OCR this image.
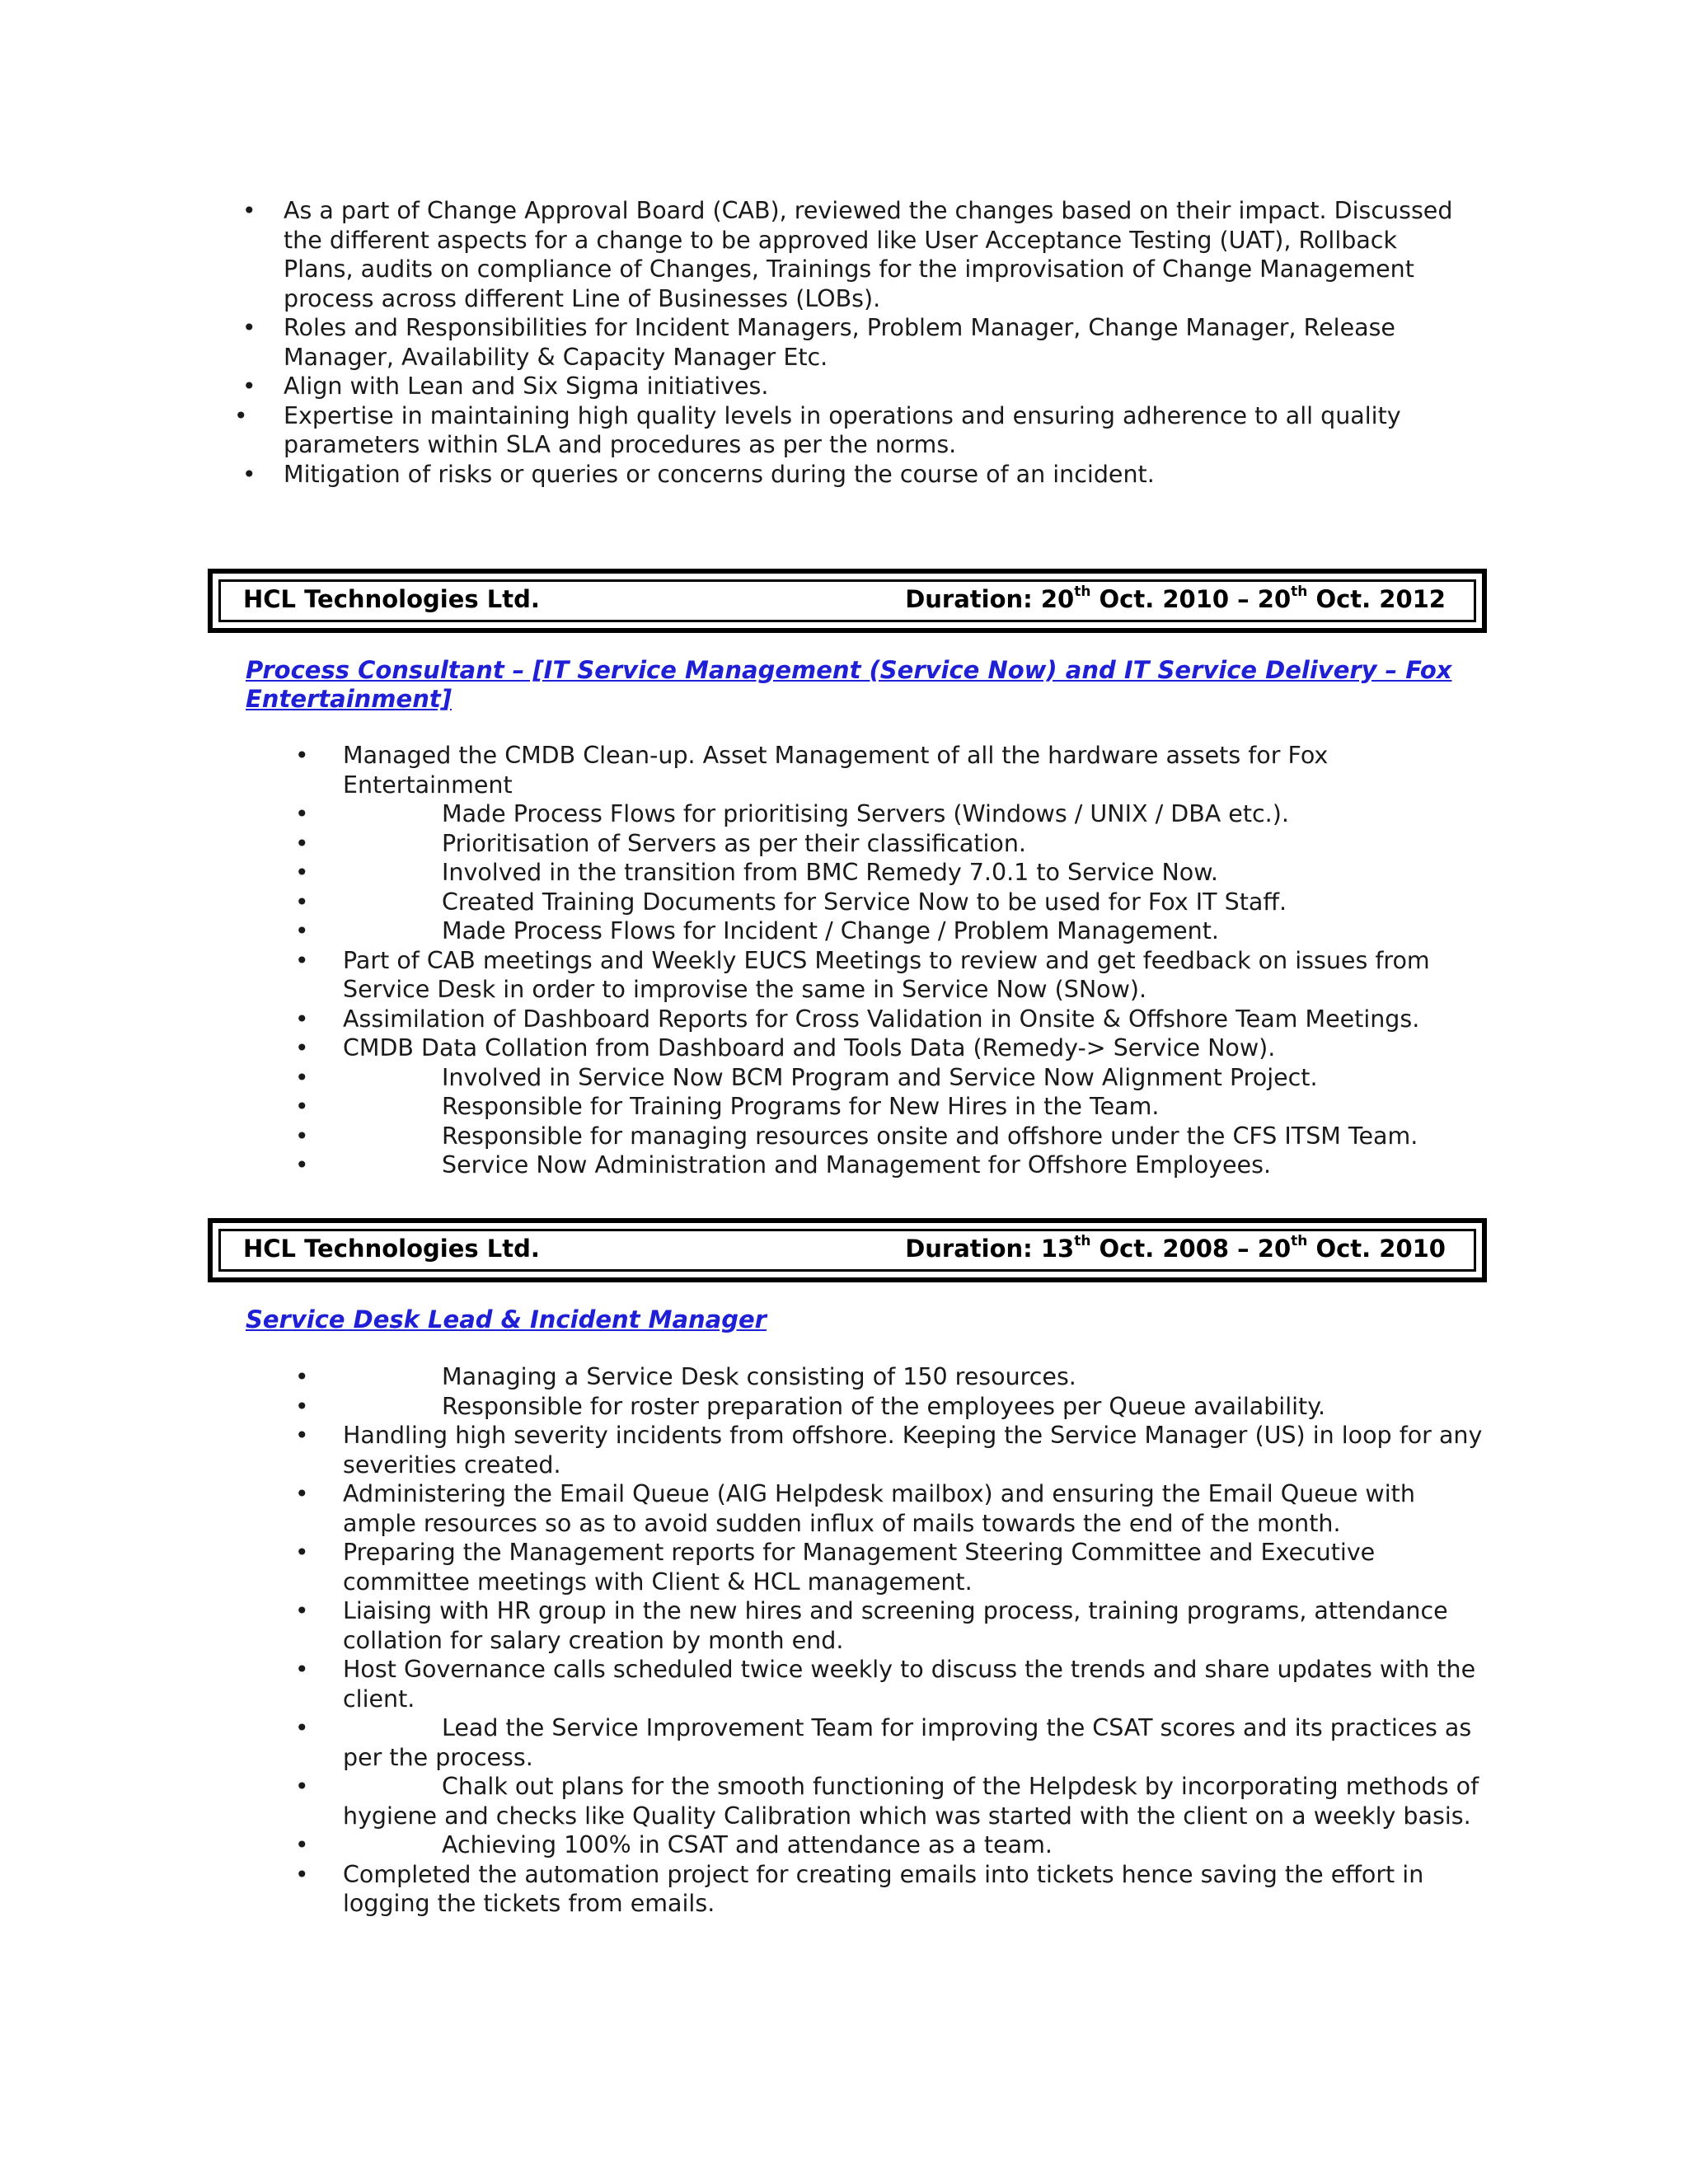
• As a part of Change Approval Board (CAB), reviewed the changes based on their impact. Discussed the different aspects for a change to be approved like User Acceptance Testing (UAT), Rollback Plans, audits on compliance of Changes, Trainings for the improvisation of Change Management process across different Line of Businesses (LOBs).
• Roles and Responsibilities for Incident Managers, Problem Manager, Change Manager, Release Manager, Availability & Capacity Manager Etc.
• Align with Lean and Six Sigma initiatives.
• Expertise in maintaining high quality levels in operations and ensuring adherence to all quality parameters within SLA and procedures as per the norms.
• Mitigation of risks or queries or concerns during the course of an incident.
HCL Technologies Ltd.	Duration: 20th Oct. 2010 – 20th Oct. 2012
Process Consultant – [IT Service Management (Service Now) and IT Service Delivery – Fox Entertainment]
• Managed the CMDB Clean-up. Asset Management of all the hardware assets for Fox Entertainment
•	Made Process Flows for prioritising Servers (Windows / UNIX / DBA etc.).
•	Prioritisation of Servers as per their classification.
•	Involved in the transition from BMC Remedy 7.0.1 to Service Now.
•	Created Training Documents for Service Now to be used for Fox IT Staff.
•	Made Process Flows for Incident / Change / Problem Management.
• Part of CAB meetings and Weekly EUCS Meetings to review and get feedback on issues from Service Desk in order to improvise the same in Service Now (SNow).
• Assimilation of Dashboard Reports for Cross Validation in Onsite & Offshore Team Meetings.
• CMDB Data Collation from Dashboard and Tools Data (Remedy-> Service Now).
•	Involved in Service Now BCM Program and Service Now Alignment Project.
•	Responsible for Training Programs for New Hires in the Team.
•	Responsible for managing resources onsite and offshore under the CFS ITSM Team.
•	Service Now Administration and Management for Offshore Employees.
HCL Technologies Ltd.	Duration: 13th Oct. 2008 – 20th Oct. 2010
Service Desk Lead & Incident Manager
•	Managing a Service Desk consisting of 150 resources.
•	Responsible for roster preparation of the employees per Queue availability.
• Handling high severity incidents from offshore. Keeping the Service Manager (US) in loop for any severities created.
• Administering the Email Queue (AIG Helpdesk mailbox) and ensuring the Email Queue with ample resources so as to avoid sudden influx of mails towards the end of the month.
• Preparing the Management reports for Management Steering Committee and Executive committee meetings with Client & HCL management.
• Liaising with HR group in the new hires and screening process, training programs, attendance collation for salary creation by month end.
• Host Governance calls scheduled twice weekly to discuss the trends and share updates with the client.
•	Lead the Service Improvement Team for improving the CSAT scores and its practices as per the process.
•	Chalk out plans for the smooth functioning of the Helpdesk by incorporating methods of hygiene and checks like Quality Calibration which was started with the client on a weekly basis.
•	Achieving 100% in CSAT and attendance as a team.
• Completed the automation project for creating emails into tickets hence saving the effort in logging the tickets from emails.
